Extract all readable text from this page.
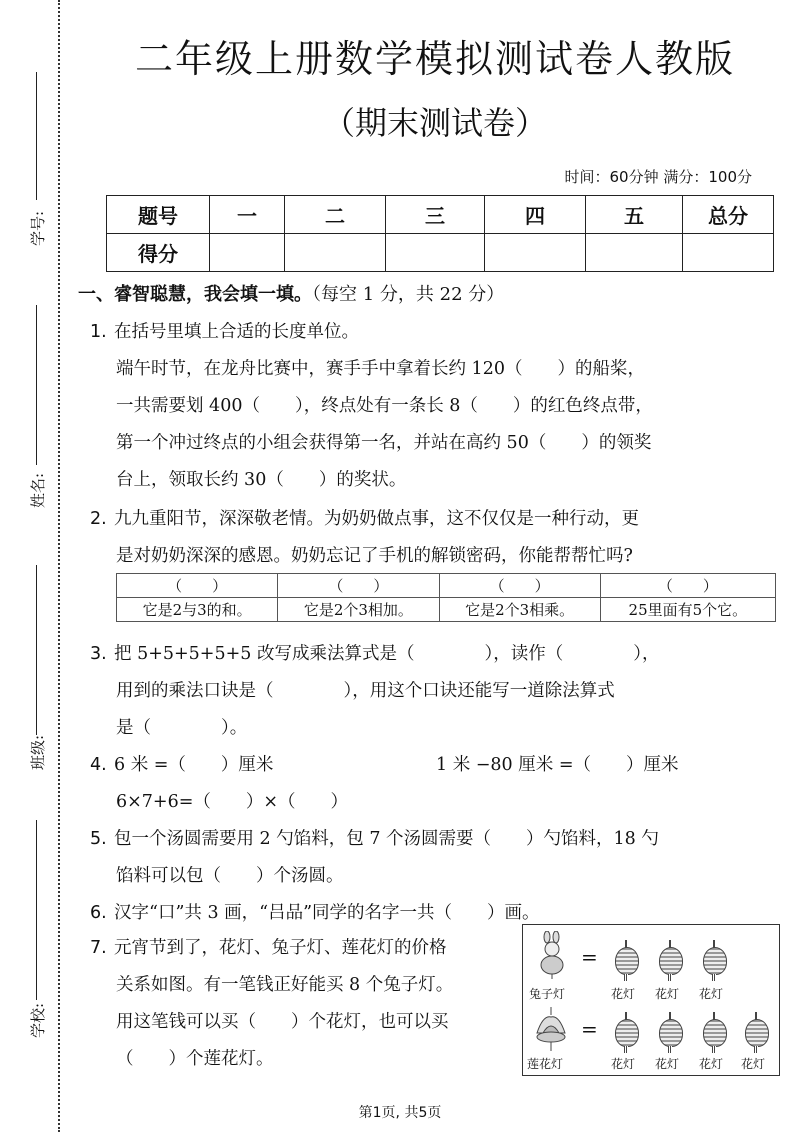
学号:
姓名:
班级:
学校:
二年级上册数学模拟测试卷人教版
（期末测试卷）
时间：60分钟 满分：100分
题号	一	二	三	四	五	总分
得分						
一、睿智聪慧，我会填一填。（每空 1 分，共 22 分）
1. 在括号里填上合适的长度单位。
端午时节，在龙舟比赛中，赛手手中拿着长约 120（　　）的船桨，
一共需要划 400（　　），终点处有一条长 8（　　）的红色终点带，
第一个冲过终点的小组会获得第一名，并站在高约 50（　　）的领奖
台上，领取长约 30（　　）的奖状。
2. 九九重阳节，深深敬老情。为奶奶做点事，这不仅仅是一种行动，更
是对奶奶深深的感恩。奶奶忘记了手机的解锁密码，你能帮帮忙吗?
（　　）	（　　）	（　　）	（　　）
它是2与3的和。	它是2个3相加。	它是2个3相乘。	25里面有5个它。
3. 把 5+5+5+5+5 改写成乘法算式是（　　　　），读作（　　　　），
用到的乘法口诀是（　　　　），用这个口诀还能写一道除法算式
是（　　　　）。
4. 6 米 =（　　）厘米	1 米 −80 厘米 =（　　）厘米
6×7+6=（　　）×（　　）
5. 包一个汤圆需要用 2 勺馅料，包 7 个汤圆需要（　　）勺馅料，18 勺
馅料可以包（　　）个汤圆。
6. 汉字“口”共 3 画，“吕品”同学的名字一共（　　）画。
7. 元宵节到了，花灯、兔子灯、莲花灯的价格
关系如图。有一笔钱正好能买 8 个兔子灯。
用这笔钱可以买（　　）个花灯，也可以买
（　　）个莲花灯。
兔子灯
=
花灯 花灯 花灯
莲花灯
=
花灯 花灯 花灯 花灯
第1页, 共5页
